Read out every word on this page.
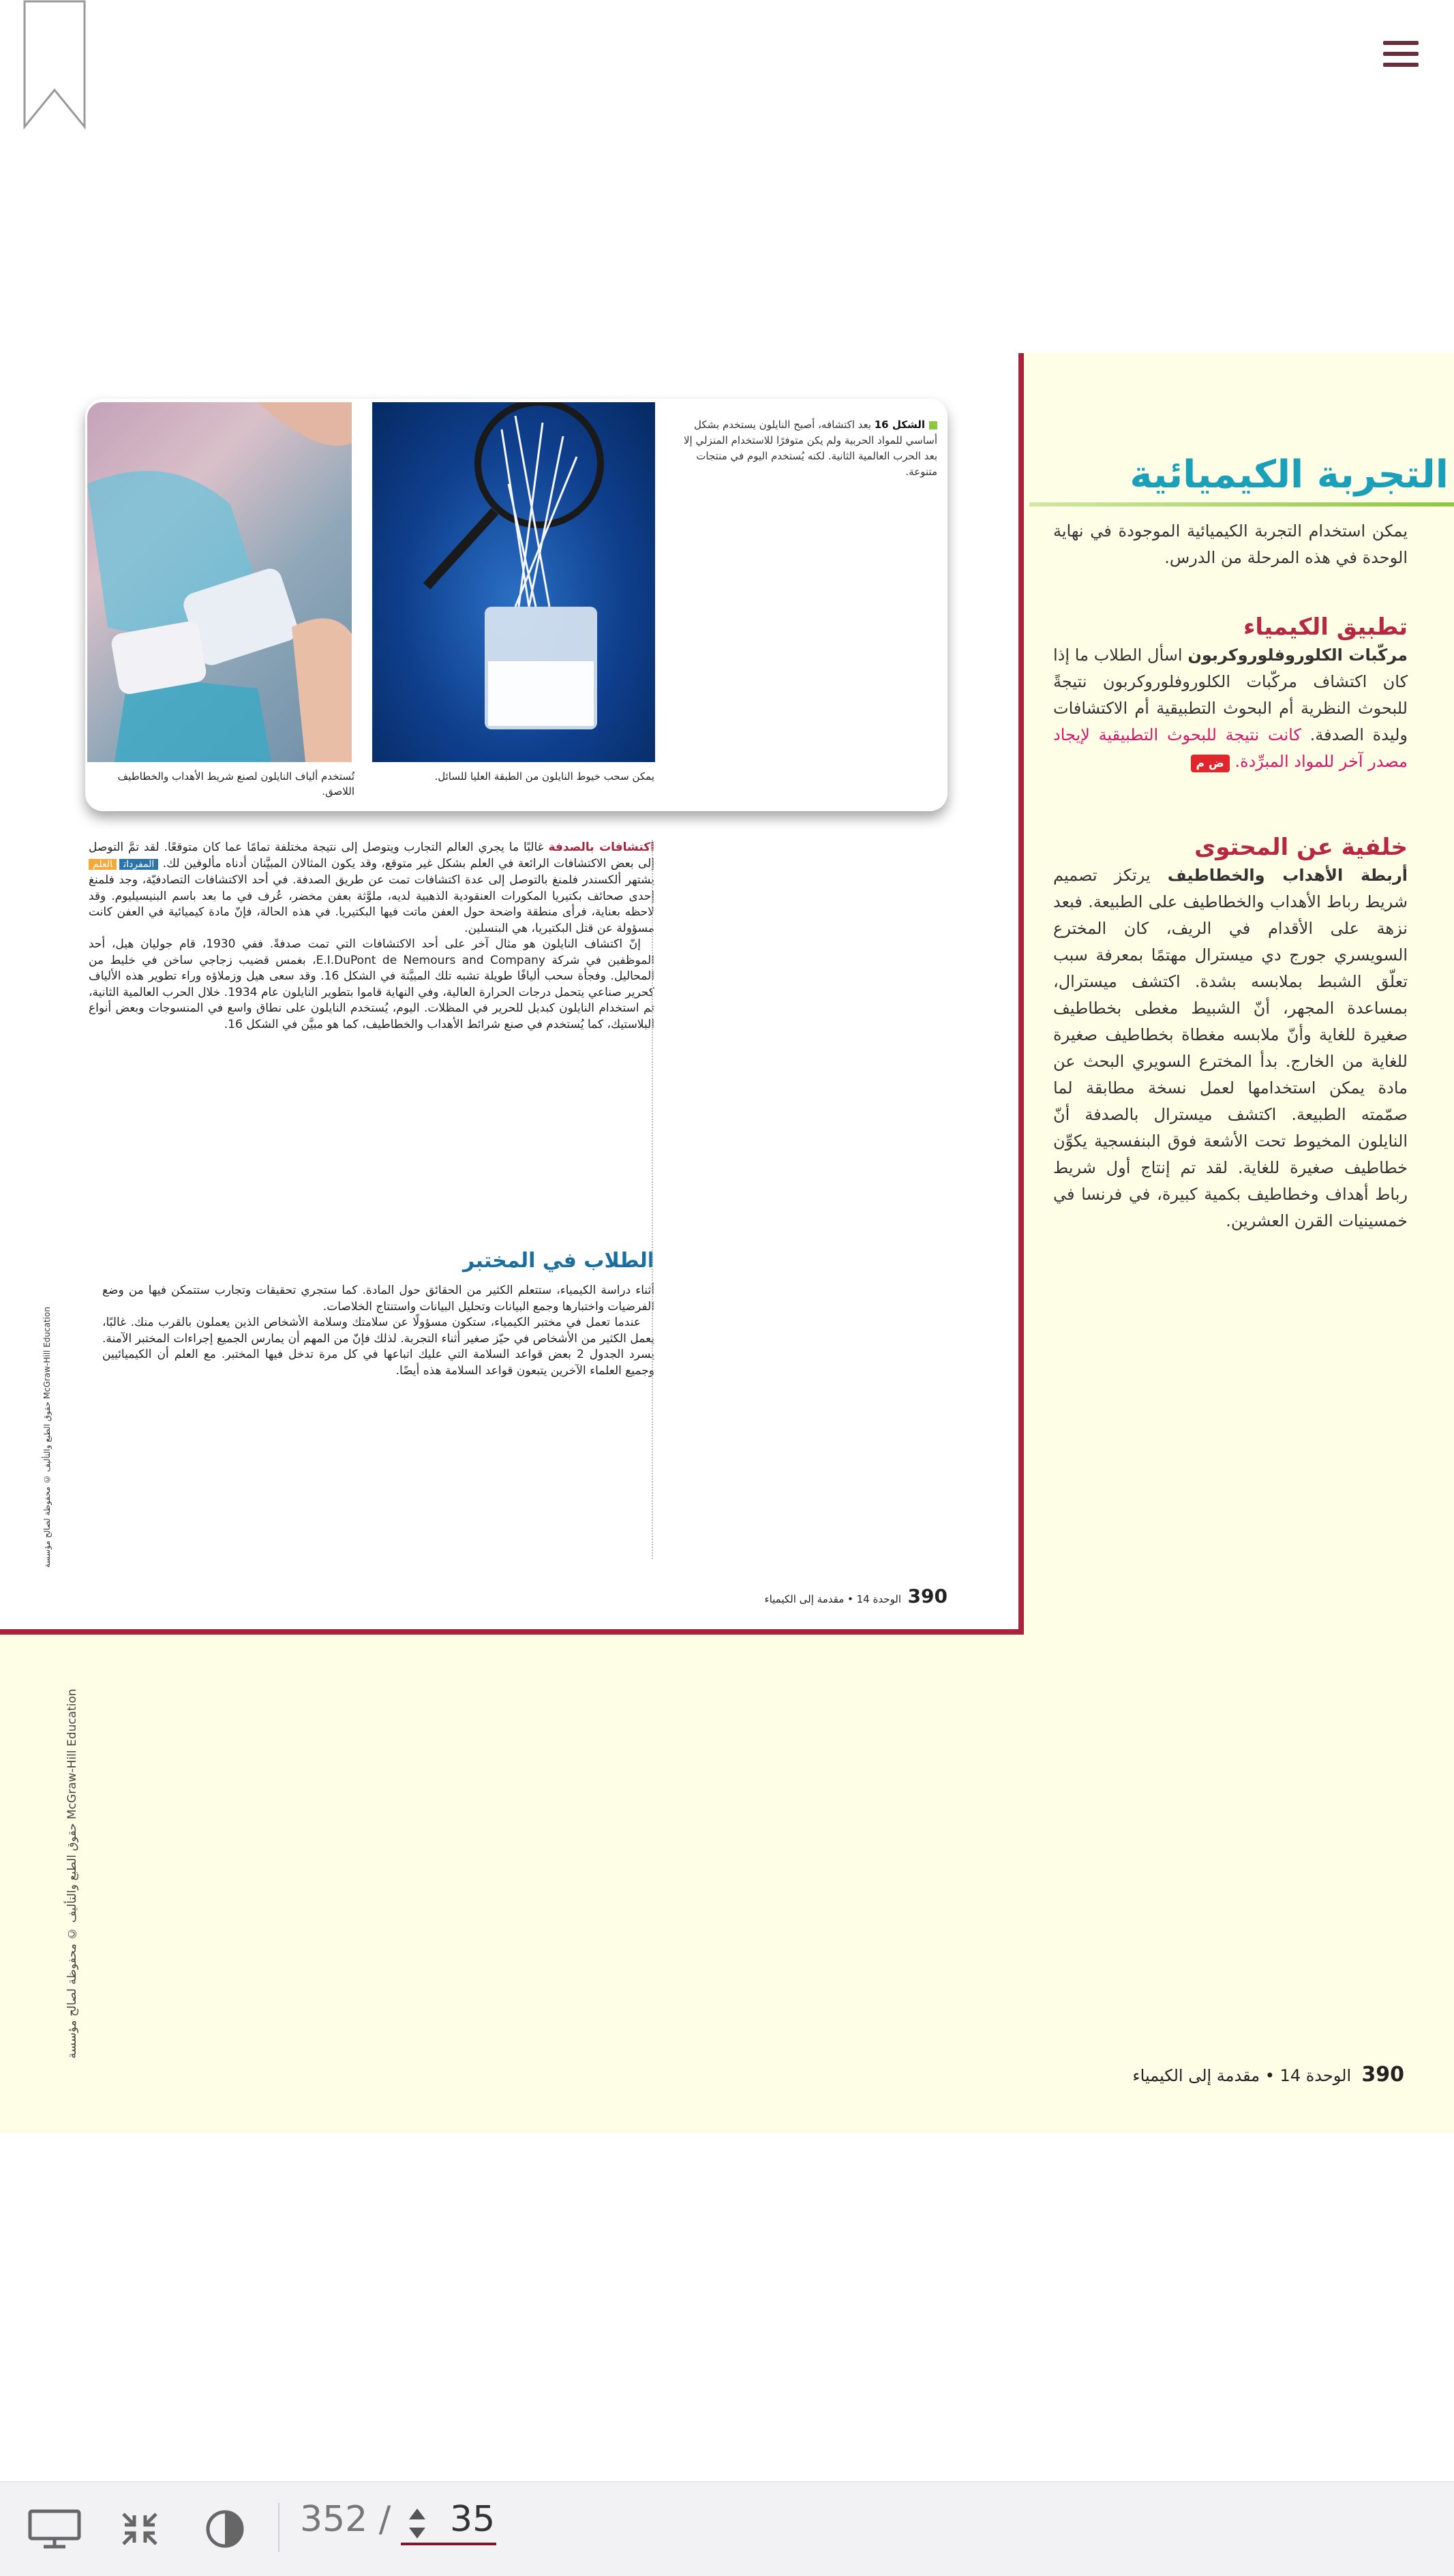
تُستخدم ألياف النايلون لصنع شريط الأهداب والخطاطيف اللاصق.
يمكن سحب خيوط النايلون من الطبقة العليا للسائل.
الشكل 16 بعد اكتشافه، أصبح النايلون يستخدم بشكل أساسي للمواد الحربية ولم يكن متوفرًا للاستخدام المنزلي إلا بعد الحرب العالمية الثانية. لكنه يُستخدم اليوم في منتجات متنوعة.
اكتشافات بالصدفة غالبًا ما يجري العالم التجارب ويتوصل إلى نتيجة مختلفة تمامًا عما كان متوقعًا. لقد تمَّ التوصل إلى بعض الاكتشافات الرائعة في العلم بشكل غير متوقع، وقد يكون المثالان المبيَّنان أدناه مألوفين لك. المفرداتالعلم يشتهر ألكسندر فلمنغ بالتوصل إلى عدة اكتشافات تمت عن طريق الصدفة. في أحد الاكتشافات التصادفيّة، وجد فلمنغ إحدى صحائف بكتيريا المكورات العنقودية الذهبية لديه، ملوَّثة بعفن مخضر، عُرف في ما بعد باسم البنيسيليوم. وقد لاحظه بعناية، فرأى منطقة واضحة حول العفن ماتت فيها البكتيريا. في هذه الحالة، فإنّ مادة كيميائية في العفن كانت مسؤولة عن قتل البكتيريا، هي البنسلين.
إنّ اكتشاف النايلون هو مثال آخر على أحد الاكتشافات التي تمت صدفةً. ففي 1930، قام جوليان هيل، أحد الموظفين في شركة E.I.DuPont de Nemours and Company، بغمس قضيب زجاجي ساخن في خليط من المحاليل. وفجأة سحب أليافًا طويلة تشبه تلك المبيَّنة في الشكل 16. وقد سعى هيل وزملاؤه وراء تطوير هذه الألياف كحرير صناعي يتحمل درجات الحرارة العالية، وفي النهاية قاموا بتطوير النايلون عام 1934. خلال الحرب العالمية الثانية، تم استخدام النايلون كبديل للحرير في المظلات. اليوم، يُستخدم النايلون على نطاق واسع في المنسوجات وبعض أنواع البلاستيك، كما يُستخدم في صنع شرائط الأهداب والخطاطيف، كما هو مبيَّن في الشكل 16.
الطلاب في المختبر
أثناء دراسة الكيمياء، ستتعلم الكثير من الحقائق حول المادة. كما ستجري تحقيقات وتجارب ستتمكن فيها من وضع الفرضيات واختبارها وجمع البيانات وتحليل البيانات واستنتاج الخلاصات.
عندما تعمل في مختبر الكيمياء، ستكون مسؤولًا عن سلامتك وسلامة الأشخاص الذين يعملون بالقرب منك. غالبًا، يعمل الكثير من الأشخاص في حيّز صغير أثناء التجربة. لذلك فإنّ من المهم أن يمارس الجميع إجراءات المختبر الآمنة. يسرد الجدول 2 بعض قواعد السلامة التي عليك اتباعها في كل مرة تدخل فيها المختبر. مع العلم أن الكيميائيين وجميع العلماء الآخرين يتبعون قواعد السلامة هذه أيضًا.
390  الوحدة 14 • مقدمة إلى الكيمياء
حقوق الطبع والتأليف © محفوظة لصالح مؤسسة McGraw-Hill Education
التجربة الكيميائية
يمكن استخدام التجربة الكيميائية الموجودة في نهاية الوحدة في هذه المرحلة من الدرس.
تطبيق الكيمياء
مركّبات الكلوروفلوروكربون اسأل الطلاب ما إذا كان اكتشاف مركّبات الكلوروفلوروكربون نتيجةً للبحوث النظرية أم البحوث التطبيقية أم الاكتشافات وليدة الصدفة. كانت نتيجة للبحوث التطبيقية لإيجاد مصدر آخر للمواد المبرِّدة. ض م
خلفية عن المحتوى
أربطة الأهداب والخطاطيف يرتكز تصميم شريط رباط الأهداب والخطاطيف على الطبيعة. فبعد نزهة على الأقدام في الريف، كان المخترع السويسري جورج دي ميسترال مهتمًا بمعرفة سبب تعلّق الشبط بملابسه بشدة. اكتشف ميسترال، بمساعدة المجهر، أنّ الشبيط مغطى بخطاطيف صغيرة للغاية وأنّ ملابسه مغطاة بخطاطيف صغيرة للغاية من الخارج. بدأ المخترع السويري البحث عن مادة يمكن استخدامها لعمل نسخة مطابقة لما صمّمته الطبيعة. اكتشف ميسترال بالصدفة أنّ النايلون المخيوط تحت الأشعة فوق البنفسجية يكوِّن خطاطيف صغيرة للغاية. لقد تم إنتاج أول شريط رباط أهداف وخطاطيف بكمية كبيرة، في فرنسا في خمسينيات القرن العشرين.
390  الوحدة 14 • مقدمة إلى الكيمياء
حقوق الطبع والتأليف © محفوظة لصالح مؤسسة McGraw-Hill Education
352 / 35
